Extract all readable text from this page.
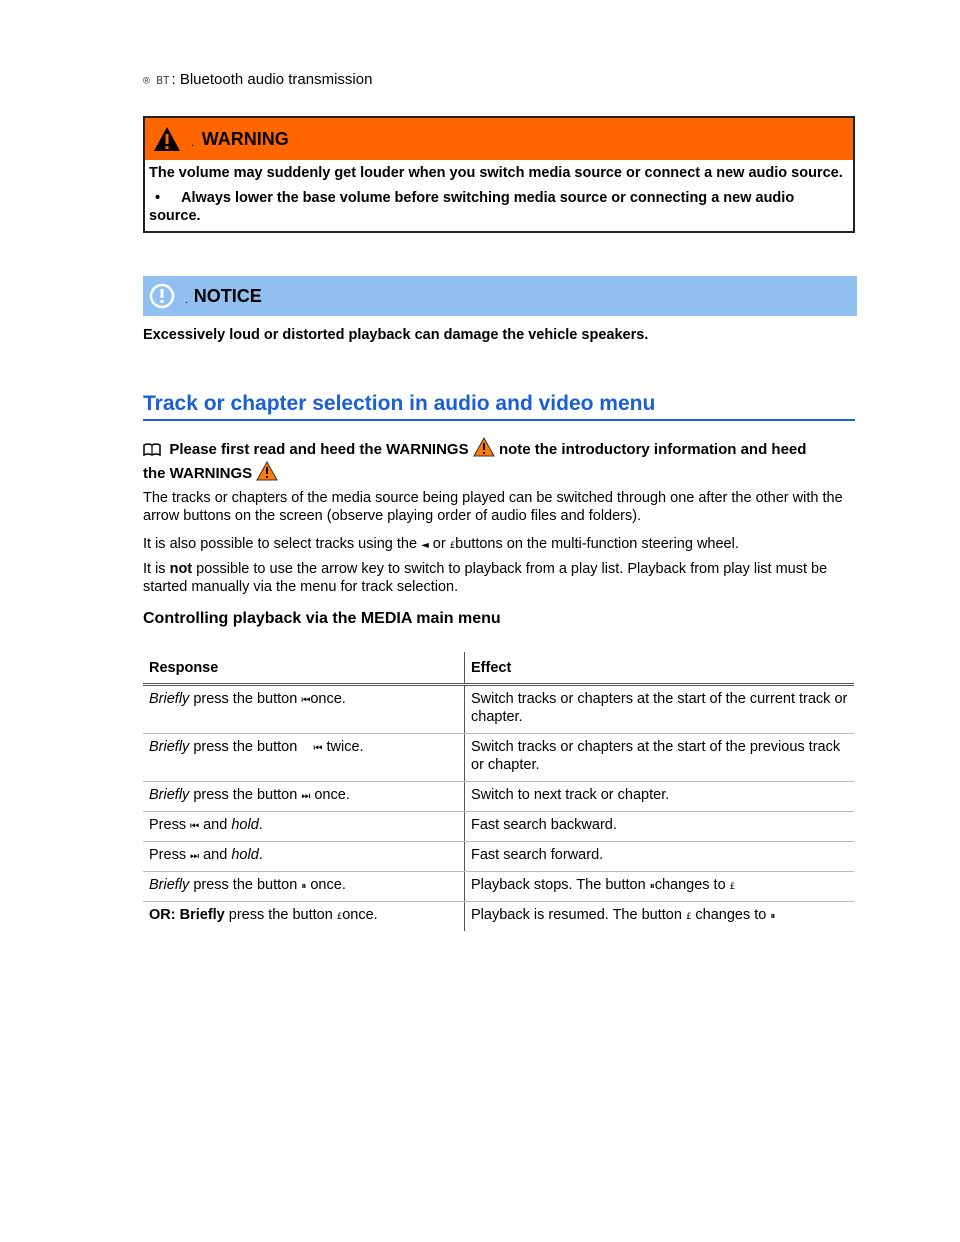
® BT : Bluetooth audio transmission
. WARNING

The volume may suddenly get louder when you switch media source or connect a new audio source.

• Always lower the base volume before switching media source or connecting a new audio source.

. NOTICE
Excessively loud or distorted playback can damage the vehicle speakers.
Track or chapter selection in audio and video menu
Please first read and heed the WARNINGS note the introductory information and heed
the WARNINGS

The tracks or chapters of the media source being played can be switched through one after the other with the arrow buttons on the screen (observe playing order of audio files and folders).

It is also possible to select tracks using the ◄ or £buttons on the multi-function steering wheel.

It is not possible to use the arrow key to switch to playback from a play list. Playback from play list must be started manually via the menu for track selection.

Controlling playback via the MEDIA main menu
Response	Effect
Briefly press the button ⏮once.	Switch tracks or chapters at the start of the current track or chapter.
Briefly press the button    ⏮ twice.	Switch tracks or chapters at the start of the previous track or chapter.
Briefly press the button ⏭ once.	Switch to next track or chapter.
Press ⏮ and hold.	Fast search backward.
Press ⏭ and hold.	Fast search forward.
Briefly press the button ⏸ once.	Playback stops. The button ⏸changes to £
OR: Briefly press the button £once.	Playback is resumed. The button £ changes to ⏸
